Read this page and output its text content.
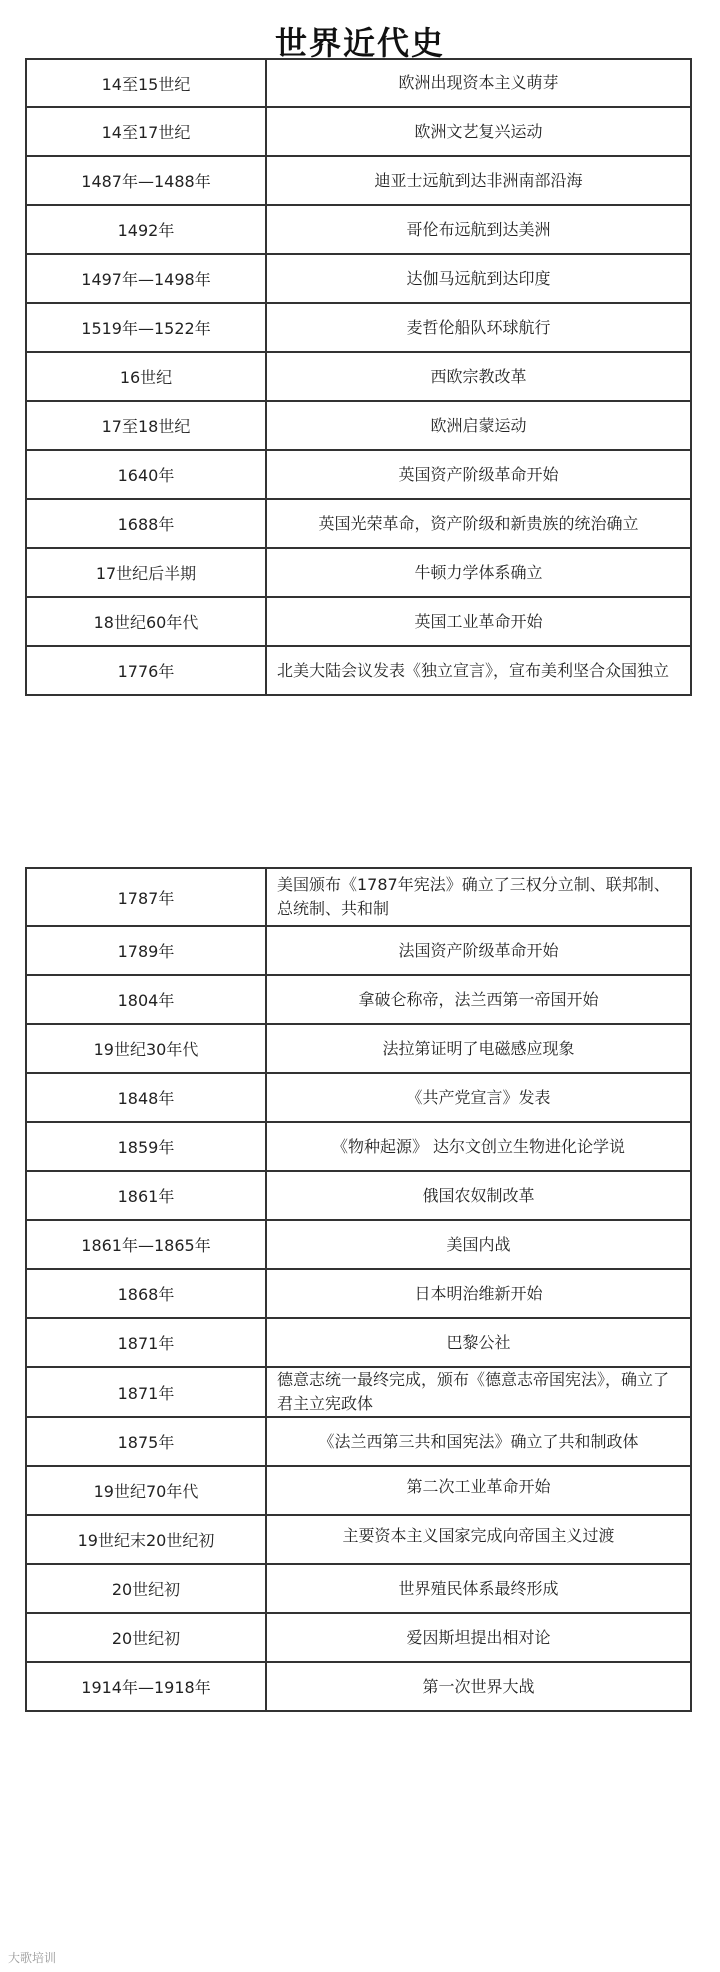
世界近代史
14至15世纪	欧洲出现资本主义萌芽
14至17世纪	欧洲文艺复兴运动
1487年—1488年	迪亚士远航到达非洲南部沿海
1492年	哥伦布远航到达美洲
1497年—1498年	达伽马远航到达印度
1519年—1522年	麦哲伦船队环球航行
16世纪	西欧宗教改革
17至18世纪	欧洲启蒙运动
1640年	英国资产阶级革命开始
1688年	英国光荣革命，资产阶级和新贵族的统治确立
17世纪后半期	牛顿力学体系确立
18世纪60年代	英国工业革命开始
1776年	北美大陆会议发表《独立宣言》，宣布美利坚合众国独立
1787年	美国颁布《1787年宪法》确立了三权分立制、联邦制、总统制、共和制
1789年	法国资产阶级革命开始
1804年	拿破仑称帝，法兰西第一帝国开始
19世纪30年代	法拉第证明了电磁感应现象
1848年	《共产党宣言》发表
1859年	《物种起源》 达尔文创立生物进化论学说
1861年	俄国农奴制改革
1861年—1865年	美国内战
1868年	日本明治维新开始
1871年	巴黎公社
1871年	德意志统一最终完成，颁布《德意志帝国宪法》，确立了君主立宪政体
1875年	《法兰西第三共和国宪法》确立了共和制政体
19世纪70年代	第二次工业革命开始
19世纪末20世纪初	主要资本主义国家完成向帝国主义过渡
20世纪初	世界殖民体系最终形成
20世纪初	爱因斯坦提出相对论
1914年—1918年	第一次世界大战
大歌培训
